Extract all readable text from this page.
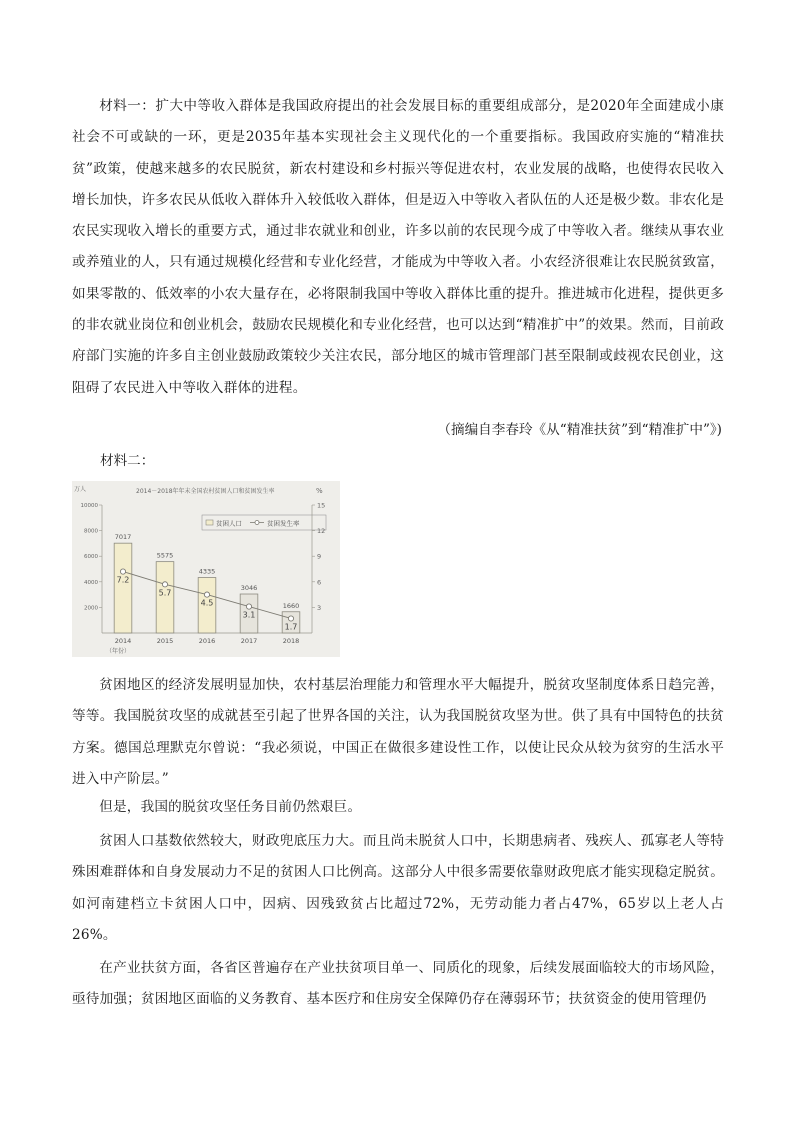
材料一：扩大中等收入群体是我国政府提出的社会发展目标的重要组成部分，是2020年全面建成小康社会不可或缺的一环，更是2035年基本实现社会主义现代化的一个重要指标。我国政府实施的“精准扶贫”政策，使越来越多的农民脱贫，新农村建设和乡村振兴等促进农村，农业发展的战略，也使得农民收入增长加快，许多农民从低收入群体升入较低收入群体，但是迈入中等收入者队伍的人还是极少数。非农化是农民实现收入增长的重要方式，通过非农就业和创业，许多以前的农民现今成了中等收入者。继续从事农业或养殖业的人，只有通过规模化经营和专业化经营，才能成为中等收入者。小农经济很难让农民脱贫致富，如果零散的、低效率的小农大量存在，必将限制我国中等收入群体比重的提升。推进城市化进程，提供更多的非农就业岗位和创业机会，鼓励农民规模化和专业化经营，也可以达到“精准扩中”的效果。然而，目前政府部门实施的许多自主创业鼓励政策较少关注农民，部分地区的城市管理部门甚至限制或歧视农民创业，这阻碍了农民进入中等收入群体的进程。

（摘编自李春玲《从“精准扶贫”到“精准扩中”》)

材料二：

万人	%
2014－2018年年末全国农村贫困人口和贫困发生率
贫困人口	贫困发生率
10000
8000
6000
4000
2000
15
12
9
6
3
7017
2014
5575
2015
4335
2016
3046
2017
1660
2018
7.2
5.7
4.5
3.1
1.7
（年份）

贫困地区的经济发展明显加快，农村基层治理能力和管理水平大幅提升，脱贫攻坚制度体系日趋完善，等等。我国脱贫攻坚的成就甚至引起了世界各国的关注，认为我国脱贫攻坚为世。供了具有中国特色的扶贫方案。德国总理默克尔曾说：“我必须说，中国正在做很多建设性工作，以使让民众从较为贫穷的生活水平进入中产阶层。”

但是，我国的脱贫攻坚任务目前仍然艰巨。

贫困人口基数依然较大，财政兜底压力大。而且尚未脱贫人口中，长期患病者、残疾人、孤寡老人等特殊困难群体和自身发展动力不足的贫困人口比例高。这部分人中很多需要依靠财政兜底才能实现稳定脱贫。如河南建档立卡贫困人口中，因病、因残致贫占比超过72%，无劳动能力者占47%，65岁以上老人占26%。

在产业扶贫方面，各省区普遍存在产业扶贫项目单一、同质化的现象，后续发展面临较大的市场风险，亟待加强；贫困地区面临的义务教育、基本医疗和住房安全保障仍存在薄弱环节；扶贫资金的使用管理仍
